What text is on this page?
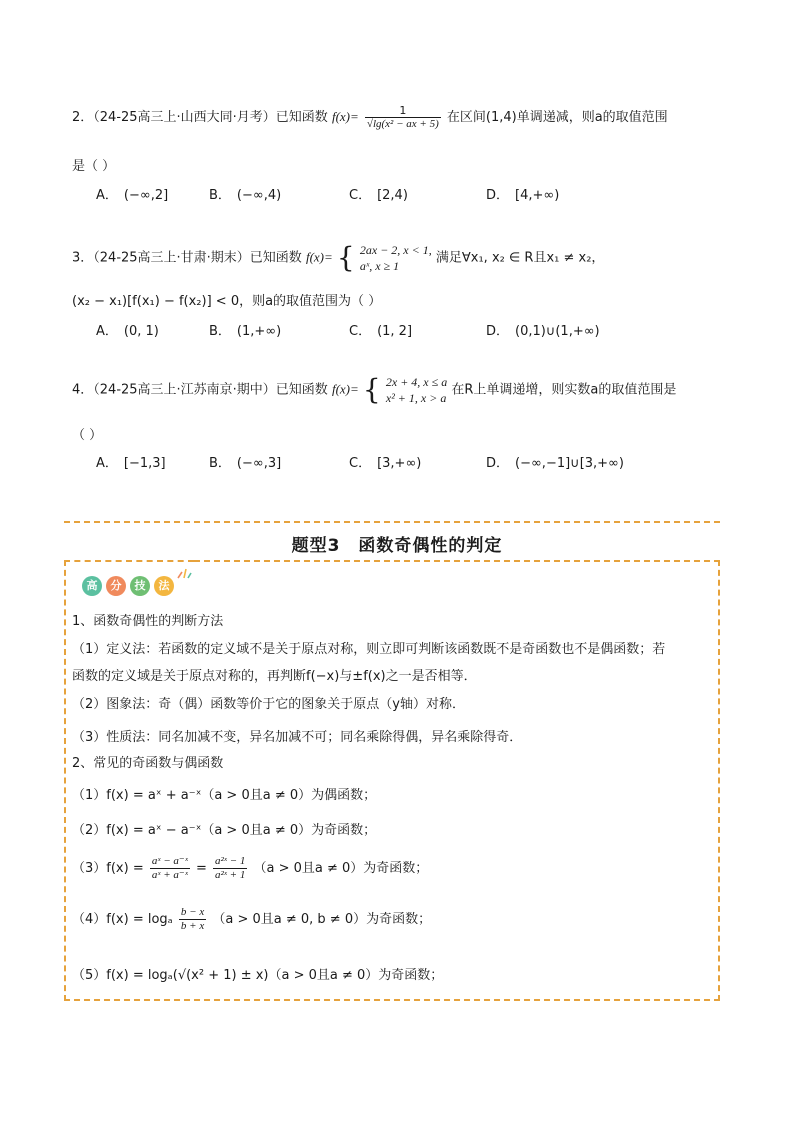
2．（24-25高三上·山西大同·月考）已知函数 $f(x)= \frac{1}{\text{√lg(x² − ax + 5)}}$ 在区间(1,4)单调递减，则a的取值范围
是（ ）
A． (−∞,2]	B． (−∞,4)	C． [2,4)	D． [4,+∞)
3．（24-25高三上·甘肃·期末）已知函数 f(x)= { 2ax − 2, x < 1,
aˣ, x ≥ 1
满足∀x₁, x₂ ∈ R且x₁ ≠ x₂，
(x₂ − x₁)[f(x₁) − f(x₂)] < 0，则a的取值范围为（ ）
A． (0, 1)	B． (1,+∞)	C． (1, 2]	D． (0,1)∪(1,+∞)
4．（24-25高三上·江苏南京·期中）已知函数 f(x)= { 2x + 4, x ≤ a
x² + 1, x > a
在R上单调递增，则实数a的取值范围是
（ ）
A． [−1,3]	B． (−∞,3]	C． [3,+∞)	D． (−∞,−1]∪[3,+∞)
题型3　函数奇偶性的判定
高	分	技	法
1、函数奇偶性的判断方法
（1）定义法：若函数的定义域不是关于原点对称，则立即可判断该函数既不是奇函数也不是偶函数；若
函数的定义域是关于原点对称的，再判断f(−x)与±f(x)之一是否相等．
（2）图象法：奇（偶）函数等价于它的图象关于原点（y轴）对称．
（3）性质法：同名加减不变，异名加减不可；同名乘除得偶，异名乘除得奇．
2、常见的奇函数与偶函数
（1）f(x) = aˣ + a⁻ˣ（a > 0且a ≠ 0）为偶函数；
（2）f(x) = aˣ − a⁻ˣ（a > 0且a ≠ 0）为奇函数；
$(3)f(x) = \frac{\text{aˣ − a⁻ˣ}}{\text{aˣ + a⁻ˣ}} = \frac{\text{a²ˣ − 1}}{\text{a²ˣ + 1}} (a > 0$且a ≠ 0）为奇函数；
（4）f(x) = logₐ $\frac{b - x}{b + x} (a > 0$且a ≠ 0, b ≠ 0）为奇函数；
（5）f(x) = logₐ(√(x² + 1) ± x)（a > 0且a ≠ 0）为奇函数；
